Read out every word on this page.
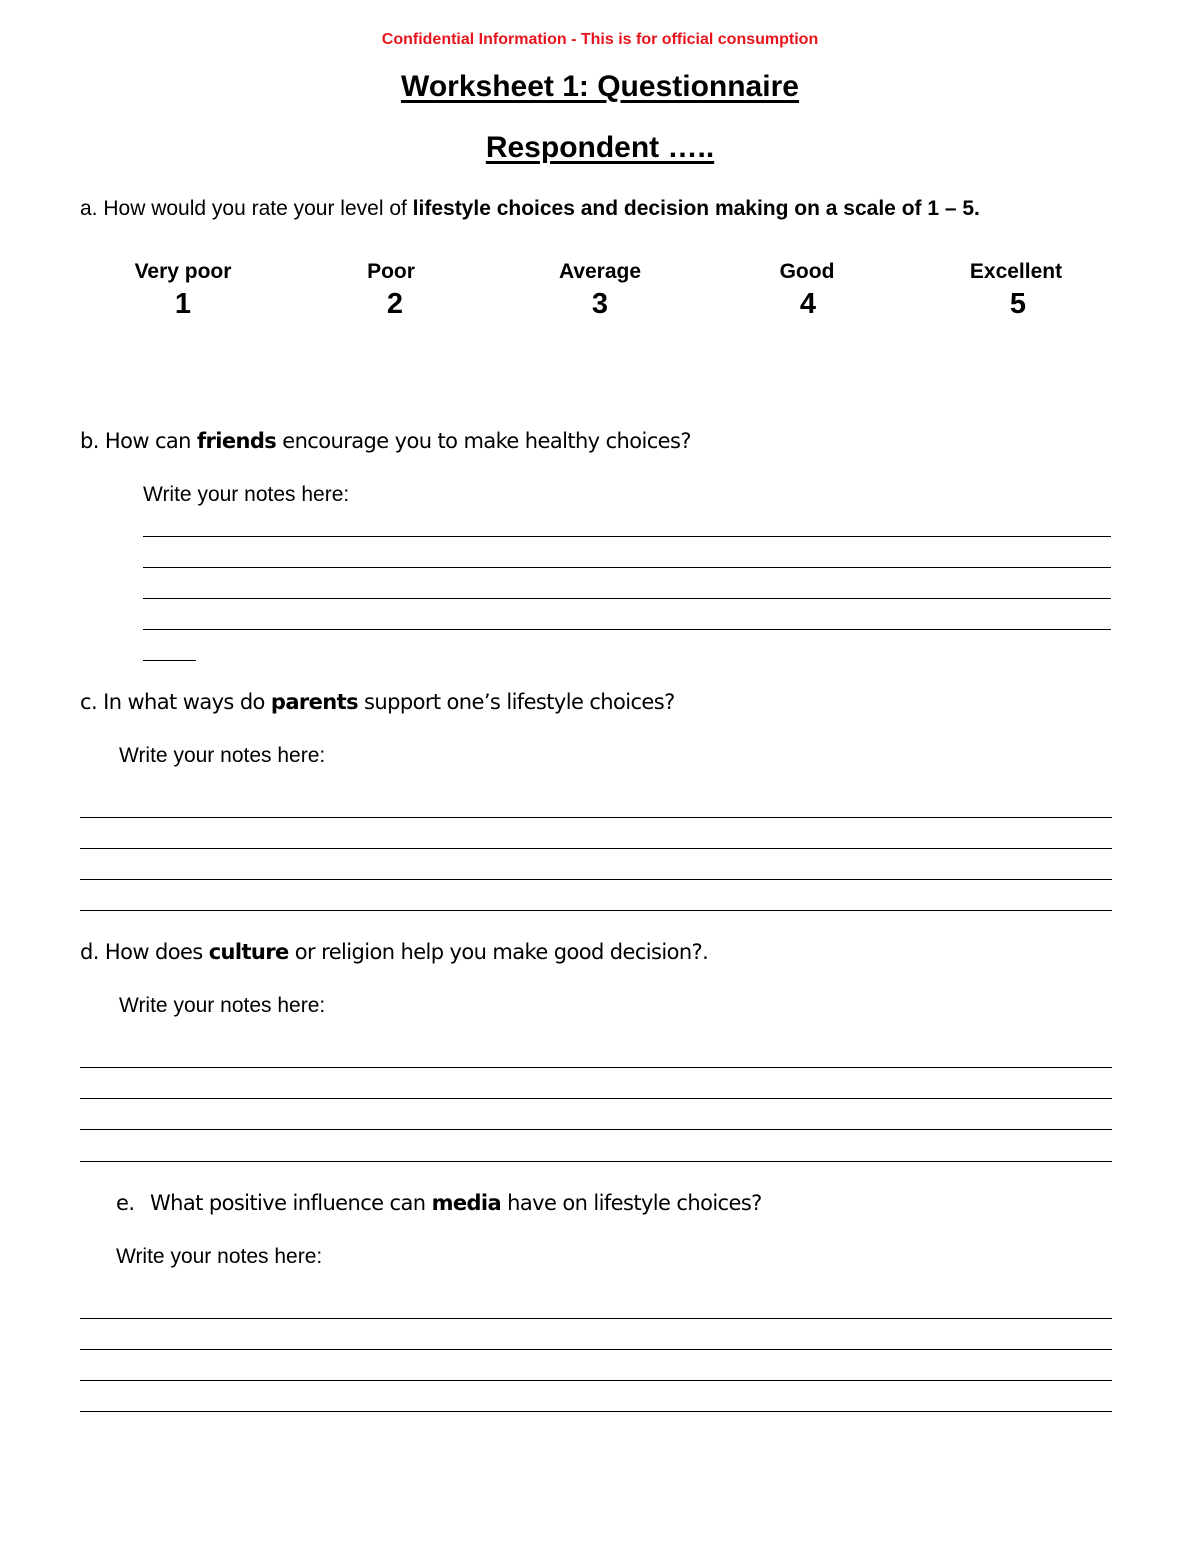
Confidential Information - This is for official consumption
Worksheet 1: Questionnaire
Respondent …..
a. How would you rate your level of lifestyle choices and decision making on a scale of 1 – 5.
Very poor
1
Poor
2
Average
3
Good
4
Excellent
5
b. How can friends encourage you to make healthy choices?
Write your notes here:
c. In what ways do parents support one’s lifestyle choices?
Write your notes here:
d. How does culture or religion help you make good decision?.
Write your notes here:
e. What positive influence can media have on lifestyle choices?
Write your notes here:
